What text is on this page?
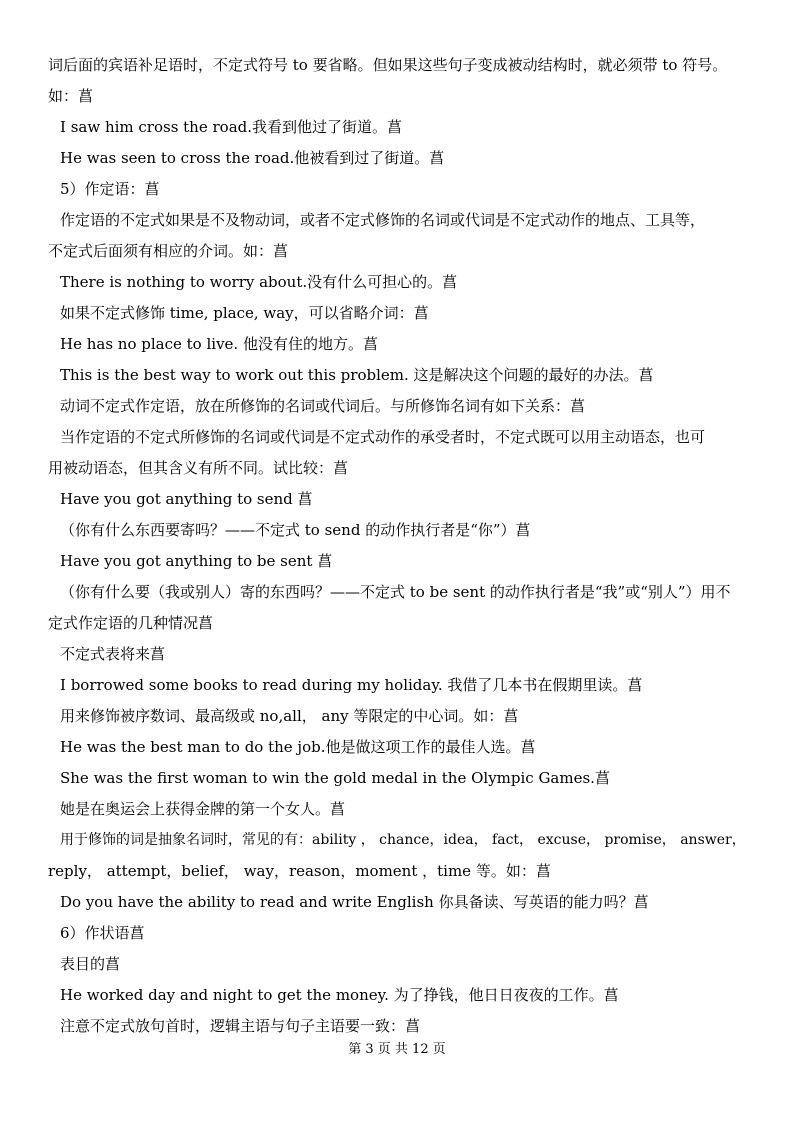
词后面的宾语补足语时，不定式符号 to 要省略。但如果这些句子变成被动结构时，就必须带 to 符号。
如：菖
I saw him cross the road.我看到他过了街道。菖
He was seen to cross the road.他被看到过了街道。菖
5）作定语：菖
作定语的不定式如果是不及物动词，或者不定式修饰的名词或代词是不定式动作的地点、工具等，
不定式后面须有相应的介词。如：菖
There is nothing to worry about.没有什么可担心的。菖
如果不定式修饰 time, place, way，可以省略介词：菖
He has no place to live. 他没有住的地方。菖
This is the best way to work out this problem. 这是解决这个问题的最好的办法。菖
动词不定式作定语，放在所修饰的名词或代词后。与所修饰名词有如下关系：菖
当作定语的不定式所修饰的名词或代词是不定式动作的承受者时，不定式既可以用主动语态，也可
用被动语态，但其含义有所不同。试比较：菖
Have you got anything to send 菖
（你有什么东西要寄吗？——不定式 to send 的动作执行者是“你”）菖
Have you got anything to be sent 菖
（你有什么要（我或别人）寄的东西吗？——不定式 to be sent 的动作执行者是“我”或“别人”）用不
定式作定语的几种情况菖
不定式表将来菖
I borrowed some books to read during my holiday. 我借了几本书在假期里读。菖
用来修饰被序数词、最高级或 no,all， any 等限定的中心词。如：菖
He was the best man to do the job.他是做这项工作的最佳人选。菖
She was the first woman to win the gold medal in the Olympic Games.菖
她是在奥运会上获得金牌的第一个女人。菖
用于修饰的词是抽象名词时，常见的有：ability ， chance，idea， fact， excuse， promise， answer，
reply， attempt，belief， way，reason，moment ，time 等。如：菖
Do you have the ability to read and write English 你具备读、写英语的能力吗？菖
6）作状语菖
表目的菖
He worked day and night to get the money. 为了挣钱，他日日夜夜的工作。菖
注意不定式放句首时，逻辑主语与句子主语要一致：菖
第 3 页 共 12 页
